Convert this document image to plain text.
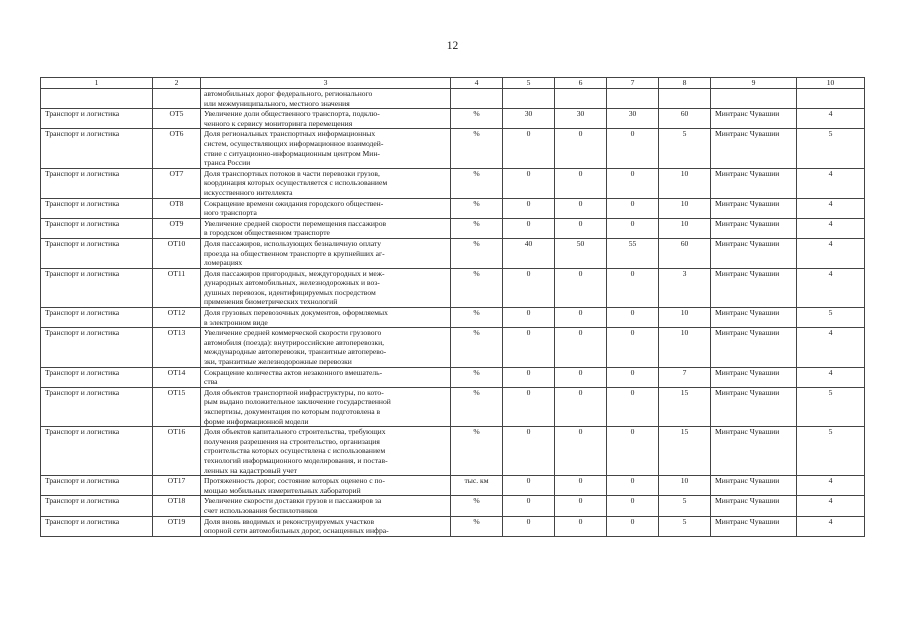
12
1	2	3	4	5	6	7	8	9	10

		автомобильных дорог федерального, регионального
или межмуниципального, местного значения							

Транспорт и логистика	ОТ5	Увеличение доли общественного транспорта, подклю-
ченного к сервису мониторинга перемещения	%	30	30	30	60	Минтранс Чувашии	4
Транспорт и логистика	ОТ6	Доля региональных транспортных информационных
систем, осуществляющих информационное взаимодей-
ствие с ситуационно-информационным центром Мин-
транса России	%	0	0	0	5	Минтранс Чувашии	5
Транспорт и логистика	ОТ7	Доля транспортных потоков в части перевозки грузов,
координация которых осуществляется с использованием
искусственного интеллекта	%	0	0	0	10	Минтранс Чувашии	4
Транспорт и логистика	ОТ8	Сокращение времени ожидания городского обществен-
ного транспорта	%	0	0	0	10	Минтранс Чувашии	4
Транспорт и логистика	ОТ9	Увеличение средней скорости перемещения пассажиров
в городском общественном транспорте	%	0	0	0	10	Минтранс Чувашии	4
Транспорт и логистика	ОТ10	Доля пассажиров, использующих безналичную оплату
проезда на общественном транспорте в крупнейших аг-
ломерациях	%	40	50	55	60	Минтранс Чувашии	4
Транспорт и логистика	ОТ11	Доля пассажиров пригородных, междугородных и меж-
дународных автомобильных, железнодорожных и воз-
душных перевозок, идентифицируемых посредством
применения биометрических технологий	%	0	0	0	3	Минтранс Чувашии	4
Транспорт и логистика	ОТ12	Доля грузовых перевозочных документов, оформляемых
в электронном виде	%	0	0	0	10	Минтранс Чувашии	5
Транспорт и логистика	ОТ13	Увеличение средней коммерческой скорости грузового
автомобиля (поезда): внутрироссийские автоперевозки,
международные автоперевозки, транзитные автоперево-
зки, транзитные железнодорожные перевозки	%	0	0	0	10	Минтранс Чувашии	4
Транспорт и логистика	ОТ14	Сокращение количества актов незаконного вмешатель-
ства	%	0	0	0	7	Минтранс Чувашии	4
Транспорт и логистика	ОТ15	Доля объектов транспортной инфраструктуры, по кото-
рым выдано положительное заключение государственной
экспертизы, документация по которым подготовлена в
форме информационной модели	%	0	0	0	15	Минтранс Чувашии	5
Транспорт и логистика	ОТ16	Доля объектов капитального строительства, требующих
получения разрешения на строительство, организация
строительства которых осуществлена с использованием
технологий информационного моделирования, и постав-
ленных на кадастровый учет	%	0	0	0	15	Минтранс Чувашии	5
Транспорт и логистика	ОТ17	Протяженность дорог, состояние которых оценено с по-
мощью мобильных измерительных лабораторий	тыс. км	0	0	0	10	Минтранс Чувашии	4
Транспорт и логистика	ОТ18	Увеличение скорости доставки грузов и пассажиров за
счет использования беспилотников	%	0	0	0	5	Минтранс Чувашии	4
Транспорт и логистика	ОТ19	Доля вновь вводимых и реконструируемых участков
опорной сети автомобильных дорог, оснащенных инфра-	%	0	0	0	5	Минтранс Чувашии	4
